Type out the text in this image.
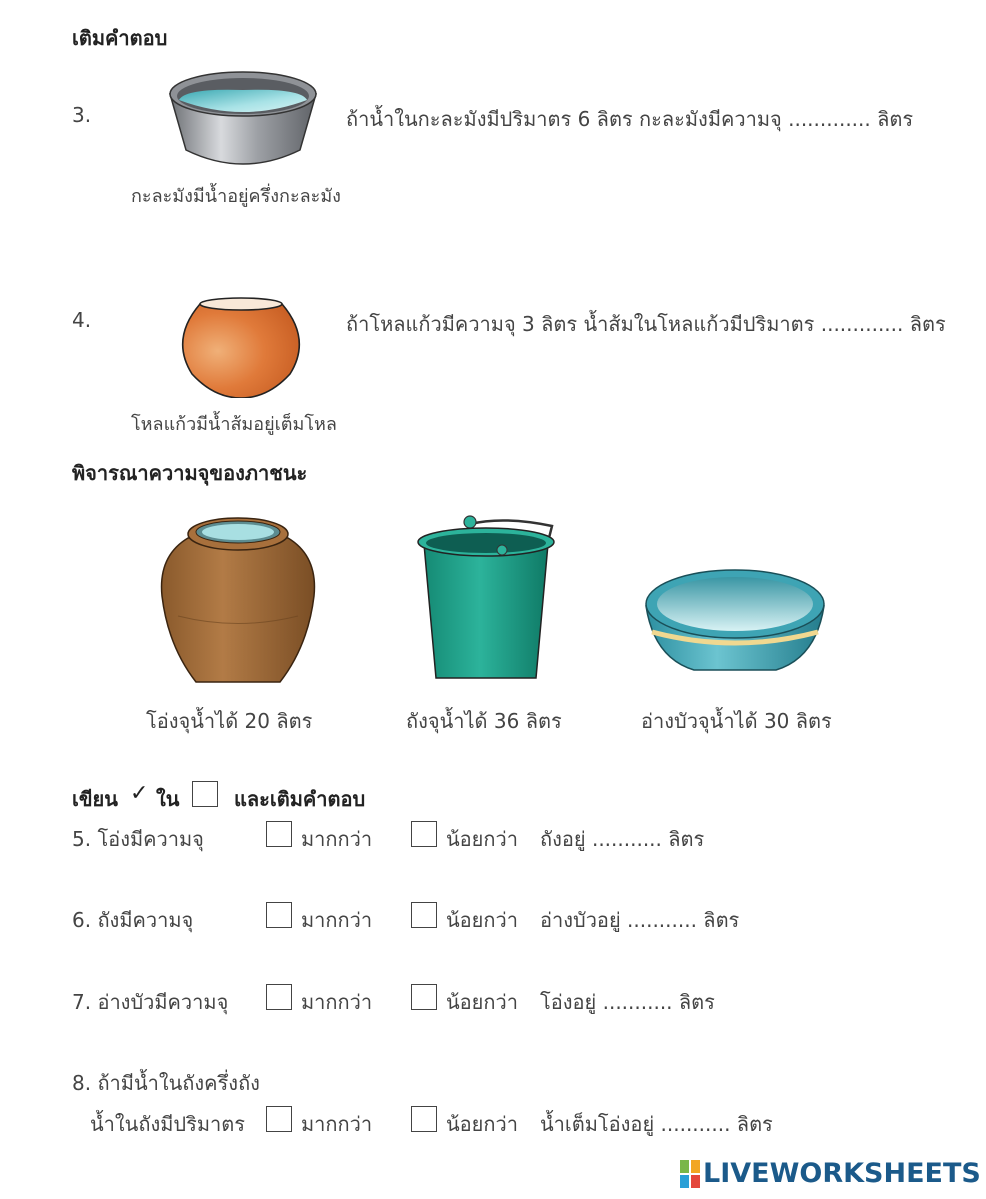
เติมคำตอบ
3.	ถ้าน้ำในกะละมังมีปริมาตร 6 ลิตร กะละมังมีความจุ ............. ลิตร
กะละมังมีน้ำอยู่ครึ่งกะละมัง
4.	ถ้าโหลแก้วมีความจุ 3 ลิตร น้ำส้มในโหลแก้วมีปริมาตร ............. ลิตร
โหลแก้วมีน้ำส้มอยู่เต็มโหล
พิจารณาความจุของภาชนะ
โอ่งจุน้ำได้ 20 ลิตร	ถังจุน้ำได้ 36 ลิตร	อ่างบัวจุน้ำได้ 30 ลิตร
เขียน ✓ ใน	และเติมคำตอบ
5. โอ่งมีความจุ	มากกว่า	น้อยกว่า ถังอยู่ ........... ลิตร
6. ถังมีความจุ	มากกว่า	น้อยกว่า อ่างบัวอยู่ ........... ลิตร
7. อ่างบัวมีความจุ	มากกว่า	น้อยกว่า โอ่งอยู่ ........... ลิตร
8. ถ้ามีน้ำในถังครึ่งถัง
น้ำในถังมีปริมาตร	มากกว่า	น้อยกว่า น้ำเต็มโอ่งอยู่ ........... ลิตร
LIVEWORKSHEETS
